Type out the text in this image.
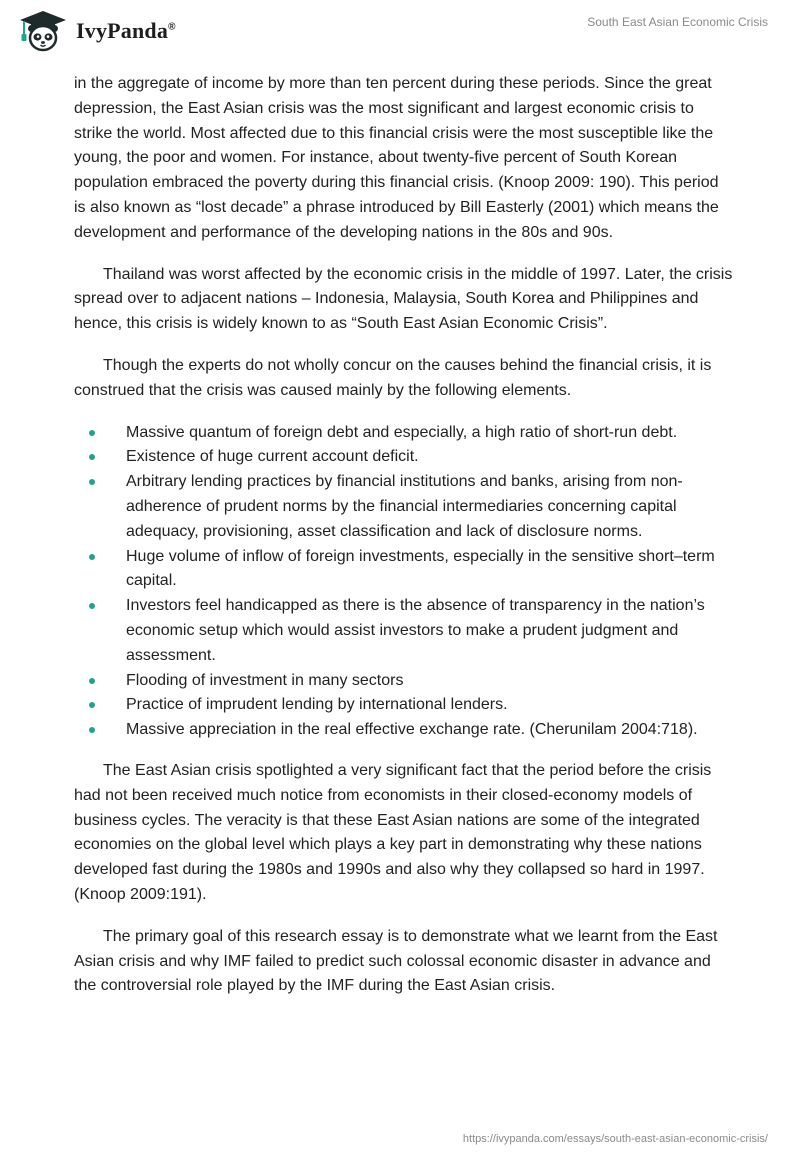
IvyPanda®	South East Asian Economic Crisis

in the aggregate of income by more than ten percent during these periods. Since the great depression, the East Asian crisis was the most significant and largest economic crisis to strike the world. Most affected due to this financial crisis were the most susceptible like the young, the poor and women. For instance, about twenty-five percent of South Korean population embraced the poverty during this financial crisis. (Knoop 2009: 190). This period is also known as “lost decade” a phrase introduced by Bill Easterly (2001) which means the development and performance of the developing nations in the 80s and 90s.

Thailand was worst affected by the economic crisis in the middle of 1997. Later, the crisis spread over to adjacent nations – Indonesia, Malaysia, South Korea and Philippines and hence, this crisis is widely known to as “South East Asian Economic Crisis”.

Though the experts do not wholly concur on the causes behind the financial crisis, it is construed that the crisis was caused mainly by the following elements.

Massive quantum of foreign debt and especially, a high ratio of short-run debt.
Existence of huge current account deficit.
Arbitrary lending practices by financial institutions and banks, arising from non-adherence of prudent norms by the financial intermediaries concerning capital adequacy, provisioning, asset classification and lack of disclosure norms.
Huge volume of inflow of foreign investments, especially in the sensitive short–term capital.
Investors feel handicapped as there is the absence of transparency in the nation’s economic setup which would assist investors to make a prudent judgment and assessment.
Flooding of investment in many sectors
Practice of imprudent lending by international lenders.
Massive appreciation in the real effective exchange rate. (Cherunilam 2004:718).

The East Asian crisis spotlighted a very significant fact that the period before the crisis had not been received much notice from economists in their closed-economy models of business cycles. The veracity is that these East Asian nations are some of the integrated economies on the global level which plays a key part in demonstrating why these nations developed fast during the 1980s and 1990s and also why they collapsed so hard in 1997. (Knoop 2009:191).

The primary goal of this research essay is to demonstrate what we learnt from the East Asian crisis and why IMF failed to predict such colossal economic disaster in advance and the controversial role played by the IMF during the East Asian crisis.

https://ivypanda.com/essays/south-east-asian-economic-crisis/
